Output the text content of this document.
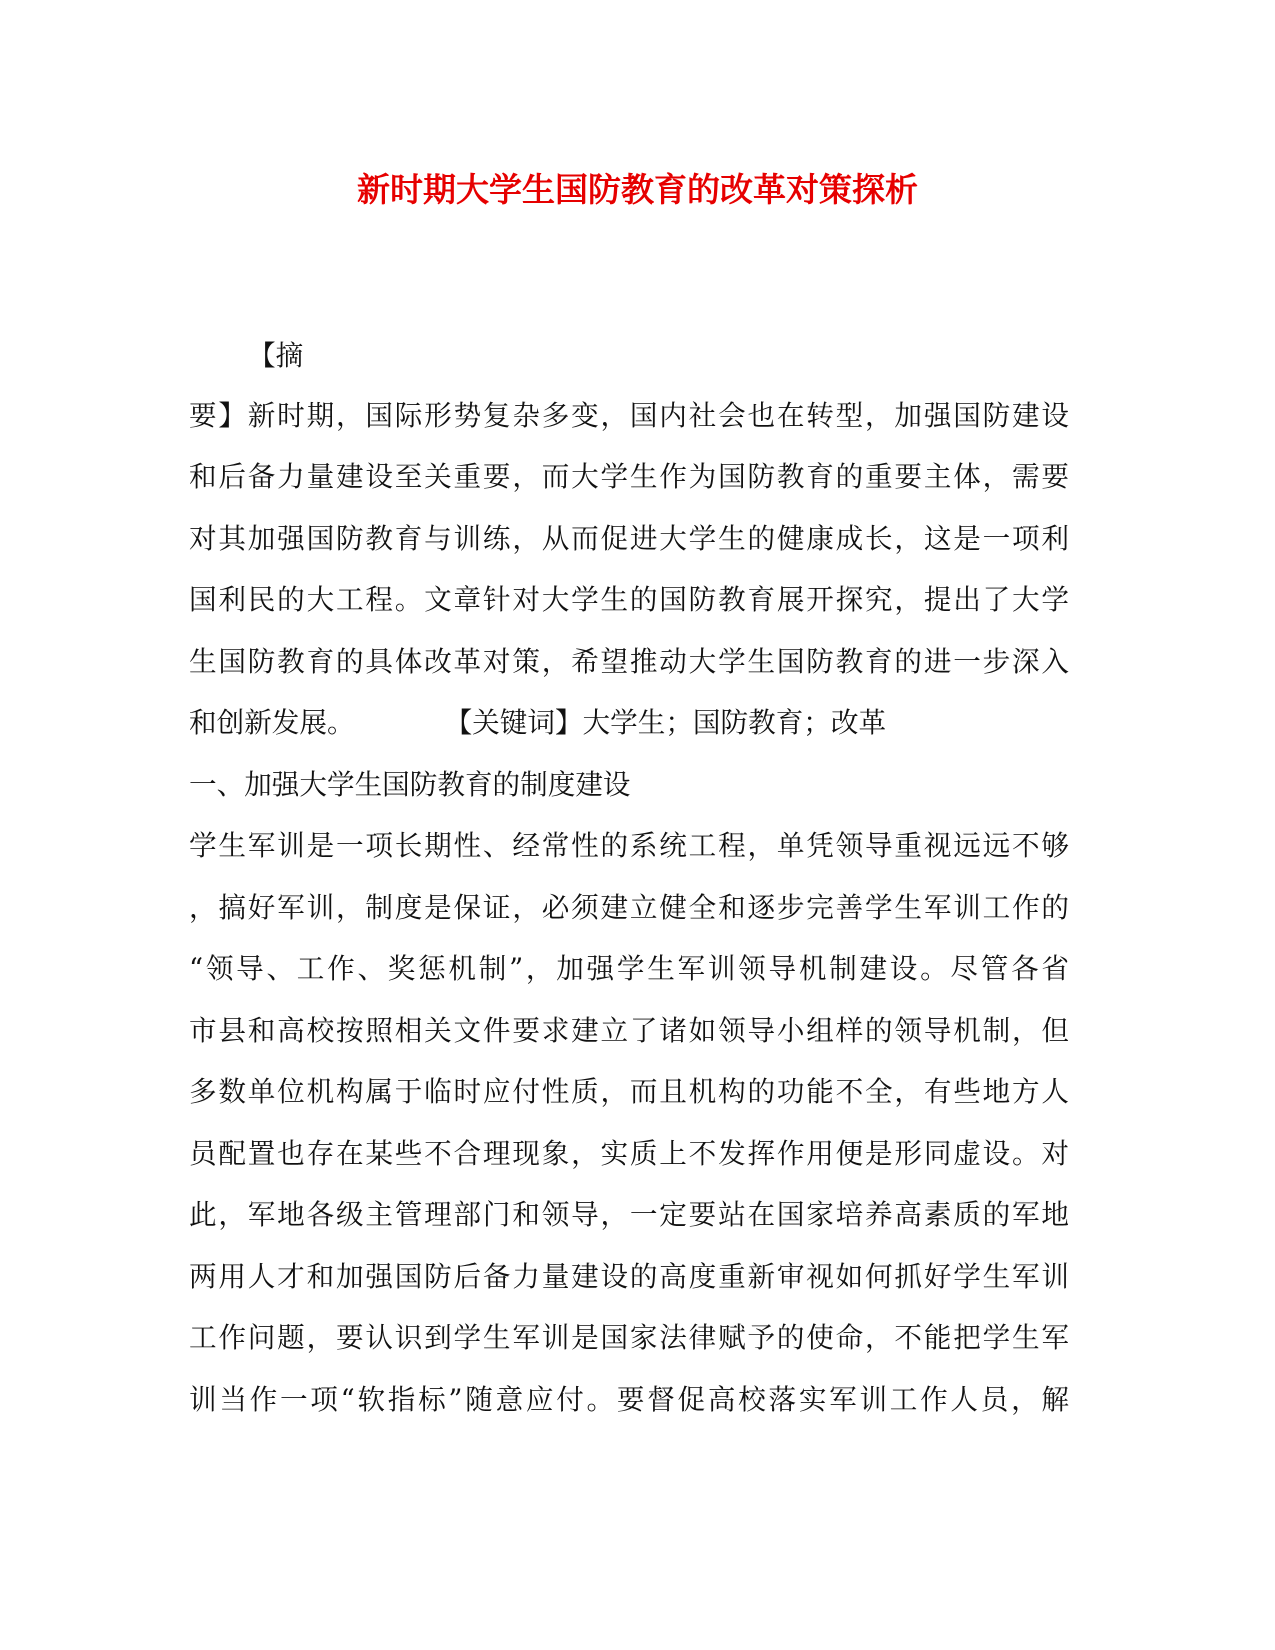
新时期大学生国防教育的改革对策探析

【摘

要】新时期，国际形势复杂多变，国内社会也在转型，加强国防建设

和后备力量建设至关重要，而大学生作为国防教育的重要主体，需要

对其加强国防教育与训练，从而促进大学生的健康成长，这是一项利

国利民的大工程。文章针对大学生的国防教育展开探究，提出了大学

生国防教育的具体改革对策，希望推动大学生国防教育的进一步深入

和创新发展。	【关键词】大学生；国防教育；改革

一、加强大学生国防教育的制度建设

学生军训是一项长期性、经常性的系统工程，单凭领导重视远远不够

，搞好军训，制度是保证，必须建立健全和逐步完善学生军训工作的

“领导、工作、奖惩机制”，加强学生军训领导机制建设。尽管各省

市县和高校按照相关文件要求建立了诸如领导小组样的领导机制，但

多数单位机构属于临时应付性质，而且机构的功能不全，有些地方人

员配置也存在某些不合理现象，实质上不发挥作用便是形同虚设。对

此，军地各级主管理部门和领导，一定要站在国家培养高素质的军地

两用人才和加强国防后备力量建设的高度重新审视如何抓好学生军训

工作问题，要认识到学生军训是国家法律赋予的使命，不能把学生军

训当作一项“软指标”随意应付。要督促高校落实军训工作人员，解
